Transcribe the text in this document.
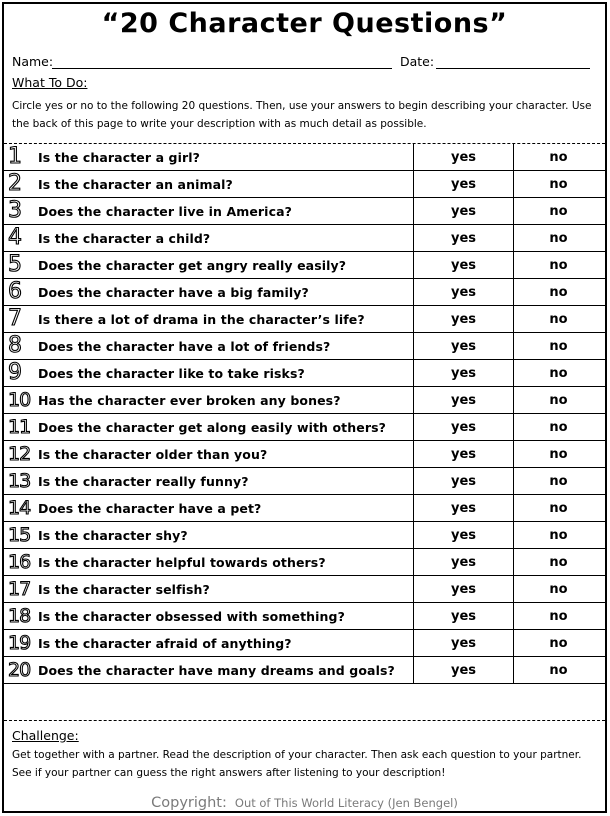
“20 Character Questions”
Name:	Date:
What To Do:
Circle yes or no to the following 20 questions. Then, use your answers to begin describing your character. Use the back of this page to write your description with as much detail as possible.
1	Is the character a girl?	yes	no
2	Is the character an animal?	yes	no
3	Does the character live in America?	yes	no
4	Is the character a child?	yes	no
5	Does the character get angry really easily?	yes	no
6	Does the character have a big family?	yes	no
7	Is there a lot of drama in the character’s life?	yes	no
8	Does the character have a lot of friends?	yes	no
9	Does the character like to take risks?	yes	no
10 Has the character ever broken any bones?	yes	no
11 Does the character get along easily with others?	yes	no
12 Is the character older than you?	yes	no
13 Is the character really funny?	yes	no
14 Does the character have a pet?	yes	no
15 Is the character shy?	yes	no
16 Is the character helpful towards others?	yes	no
17 Is the character selfish?	yes	no
18 Is the character obsessed with something?	yes	no
19 Is the character afraid of anything?	yes	no
20 Does the character have many dreams and goals?	yes	no
Challenge:
Get together with a partner. Read the description of your character. Then ask each question to your partner. See if your partner can guess the right answers after listening to your description!
Copyright: Out of This World Literacy (Jen Bengel)
